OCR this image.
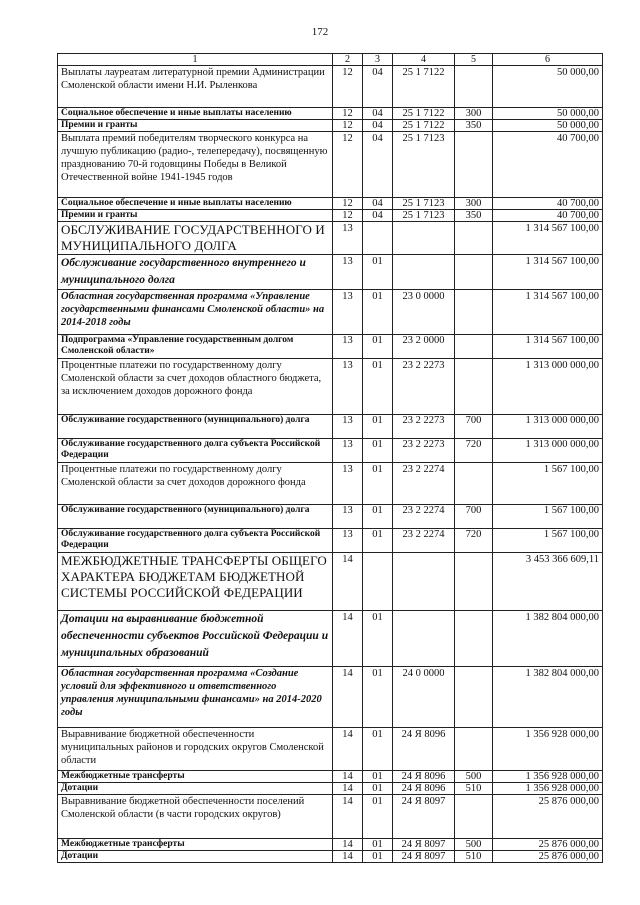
172
1	2	3	4	5	6
Выплаты лауреатам литературной премии Администрации Смоленской области имени Н.И. Рыленкова	12	04	25 1 7122		50 000,00
Социальное обеспечение и иные выплаты населению	12	04	25 1 7122	300	50 000,00
Премии и гранты	12	04	25 1 7122	350	50 000,00
Выплата премий победителям творческого конкурса на лучшую публикацию (радио-, телепередачу), посвященную празднованию 70-й годовщины Победы в Великой Отечественной войне 1941-1945 годов	12	04	25 1 7123		40 700,00
Социальное обеспечение и иные выплаты населению	12	04	25 1 7123	300	40 700,00
Премии и гранты	12	04	25 1 7123	350	40 700,00
ОБСЛУЖИВАНИЕ ГОСУДАРСТВЕННОГО И МУНИЦИПАЛЬНОГО ДОЛГА	13				1 314 567 100,00
Обслуживание государственного внутреннего и муниципального долга	13	01			1 314 567 100,00
Областная государственная программа «Управление государственными финансами Смоленской области» на 2014-2018 годы	13	01	23 0 0000		1 314 567 100,00
Подпрограмма «Управление государственным долгом Смоленской области»	13	01	23 2 0000		1 314 567 100,00
Процентные платежи по государственному долгу Смоленской области за счет доходов областного бюджета, за исключением доходов дорожного фонда	13	01	23 2 2273		1 313 000 000,00
Обслуживание государственного (муниципального) долга	13	01	23 2 2273	700	1 313 000 000,00
Обслуживание государственного долга субъекта Российской Федерации	13	01	23 2 2273	720	1 313 000 000,00
Процентные платежи по государственному долгу Смоленской области за счет доходов дорожного фонда	13	01	23 2 2274		1 567 100,00
Обслуживание государственного (муниципального) долга	13	01	23 2 2274	700	1 567 100,00
Обслуживание государственного долга субъекта Российской Федерации	13	01	23 2 2274	720	1 567 100,00
МЕЖБЮДЖЕТНЫЕ ТРАНСФЕРТЫ ОБЩЕГО ХАРАКТЕРА БЮДЖЕТАМ БЮДЖЕТНОЙ СИСТЕМЫ РОССИЙСКОЙ ФЕДЕРАЦИИ	14				3 453 366 609,11
Дотации на выравнивание бюджетной обеспеченности субъектов Российской Федерации и муниципальных образований	14	01			1 382 804 000,00
Областная государственная программа «Создание условий для эффективного и ответственного управления муниципальными финансами» на 2014-2020 годы	14	01	24 0 0000		1 382 804 000,00
Выравнивание бюджетной обеспеченности муниципальных районов и городских округов Смоленской области	14	01	24 Я 8096		1 356 928 000,00
Межбюджетные трансферты	14	01	24 Я 8096	500	1 356 928 000,00
Дотации	14	01	24 Я 8096	510	1 356 928 000,00
Выравнивание бюджетной обеспеченности поселений Смоленской области (в части городских округов)	14	01	24 Я 8097		25 876 000,00
Межбюджетные трансферты	14	01	24 Я 8097	500	25 876 000,00
Дотации	14	01	24 Я 8097	510	25 876 000,00
